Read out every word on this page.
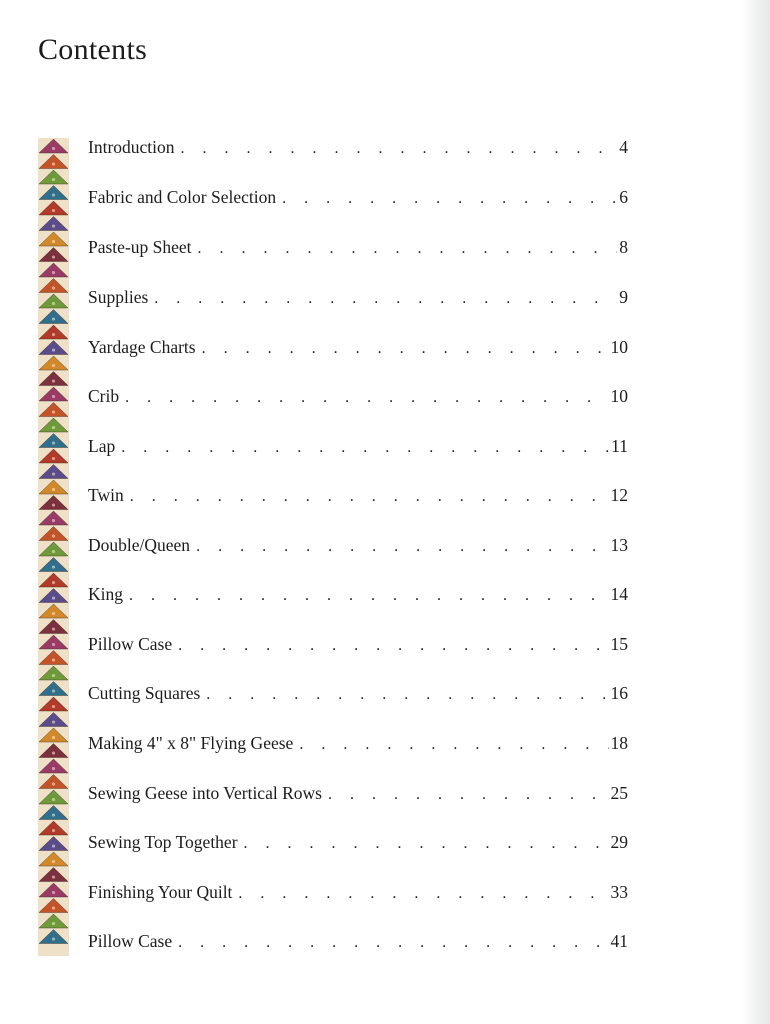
Contents
Introduction . . .	4
Fabric and Color Selection . . .	6
Paste-up Sheet . . .	8
Supplies . . .	9
Yardage Charts . . .	10
Crib . . .	10
Lap . . .	11
Twin . . .	12
Double/Queen . . .	13
King . . .	14
Pillow Case . . .	15
Cutting Squares . . .	16
Making 4" x 8" Flying Geese . . .	18
Sewing Geese into Vertical Rows . . .	25
Sewing Top Together . . .	29
Finishing Your Quilt . . .	33
Pillow Case . . .	41
